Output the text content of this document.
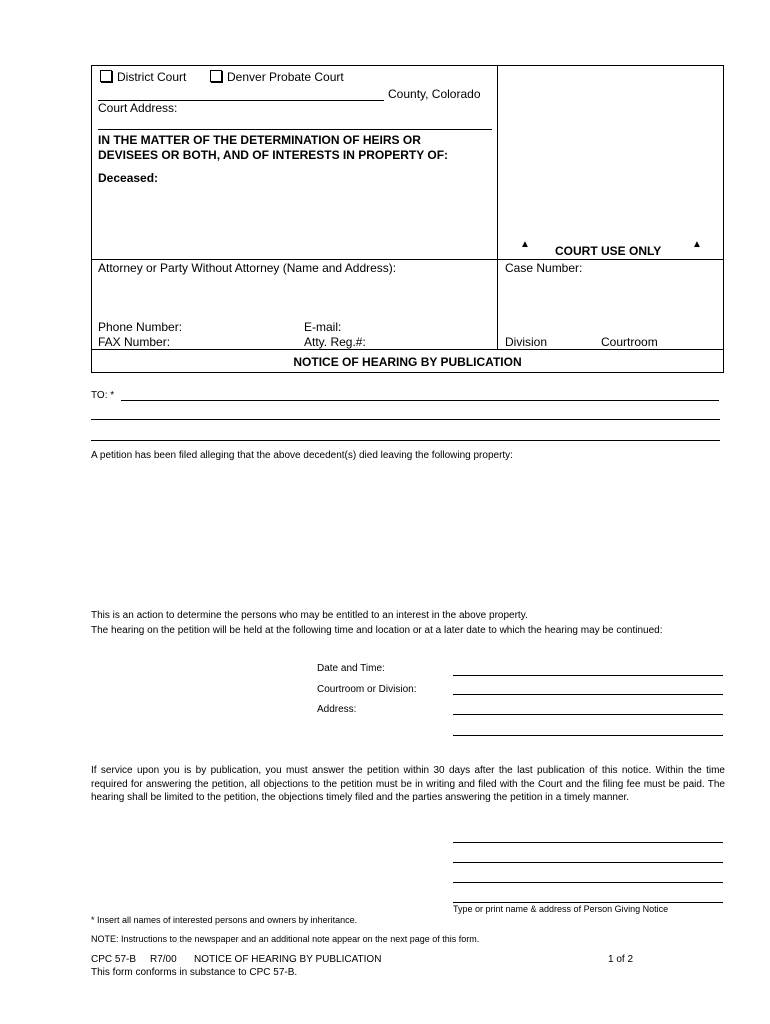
District Court	Denver Probate Court
County, Colorado
Court Address:
IN THE MATTER OF THE DETERMINATION OF HEIRS OR
DEVISEES OR BOTH, AND OF INTERESTS IN PROPERTY OF:
Deceased:
▲ COURT USE ONLY	▲
Attorney or Party Without Attorney (Name and Address):	Case Number:
Phone Number:	E-mail:
FAX Number:	Atty. Reg.#:	Division	Courtroom
NOTICE OF HEARING BY PUBLICATION
TO: *
A petition has been filed alleging that the above decedent(s) died leaving the following property:
This is an action to determine the persons who may be entitled to an interest in the above property.
The hearing on the petition will be held at the following time and location or at a later date to which the hearing may be continued:
Date and Time:
Courtroom or Division:
Address:
If service upon you is by publication, you must answer the petition within 30 days after the last publication of this notice. Within the time required for answering the petition, all objections to the petition must be in writing and filed with the Court and the filing fee must be paid. The hearing shall be limited to the petition, the objections timely filed and the parties answering the petition in a timely manner.
Type or print name & address of Person Giving Notice
* Insert all names of interested persons and owners by inheritance.
NOTE: Instructions to the newspaper and an additional note appear on the next page of this form.
CPC 57-B R7/00 NOTICE OF HEARING BY PUBLICATION	1 of 2
This form conforms in substance to CPC 57-B.
